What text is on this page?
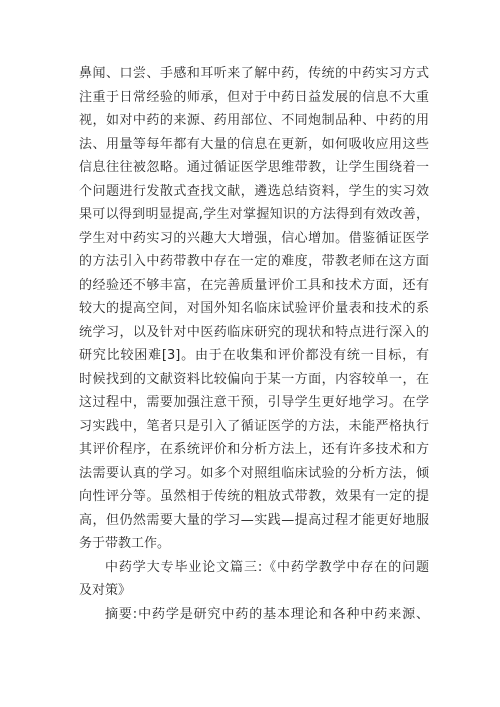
鼻闻、口尝、手感和耳听来了解中药，传统的中药实习方式
注重于日常经验的师承，但对于中药日益发展的信息不大重
视，如对中药的来源、药用部位、不同炮制品种、中药的用
法、用量等每年都有大量的信息在更新，如何吸收应用这些
信息往往被忽略。通过循证医学思维带教，让学生围绕着一
个问题进行发散式查找文献，遴选总结资料，学生的实习效
果可以得到明显提高,学生对掌握知识的方法得到有效改善，
学生对中药实习的兴趣大大增强，信心增加。借鉴循证医学
的方法引入中药带教中存在一定的难度，带教老师在这方面
的经验还不够丰富，在完善质量评价工具和技术方面，还有
较大的提高空间，对国外知名临床试验评价量表和技术的系
统学习，以及针对中医药临床研究的现状和特点进行深入的
研究比较困难[3]。由于在收集和评价都没有统一目标，有
时候找到的文献资料比较偏向于某一方面，内容较单一，在
这过程中，需要加强注意干预，引导学生更好地学习。在学
习实践中，笔者只是引入了循证医学的方法，未能严格执行
其评价程序，在系统评价和分析方法上，还有许多技术和方
法需要认真的学习。如多个对照组临床试验的分析方法，倾
向性评分等。虽然相于传统的粗放式带教，效果有一定的提
高，但仍然需要大量的学习—实践—提高过程才能更好地服
务于带教工作。
中药学大专毕业论文篇三:《中药学教学中存在的问题
及对策》
摘要:中药学是研究中药的基本理论和各种中药来源、
